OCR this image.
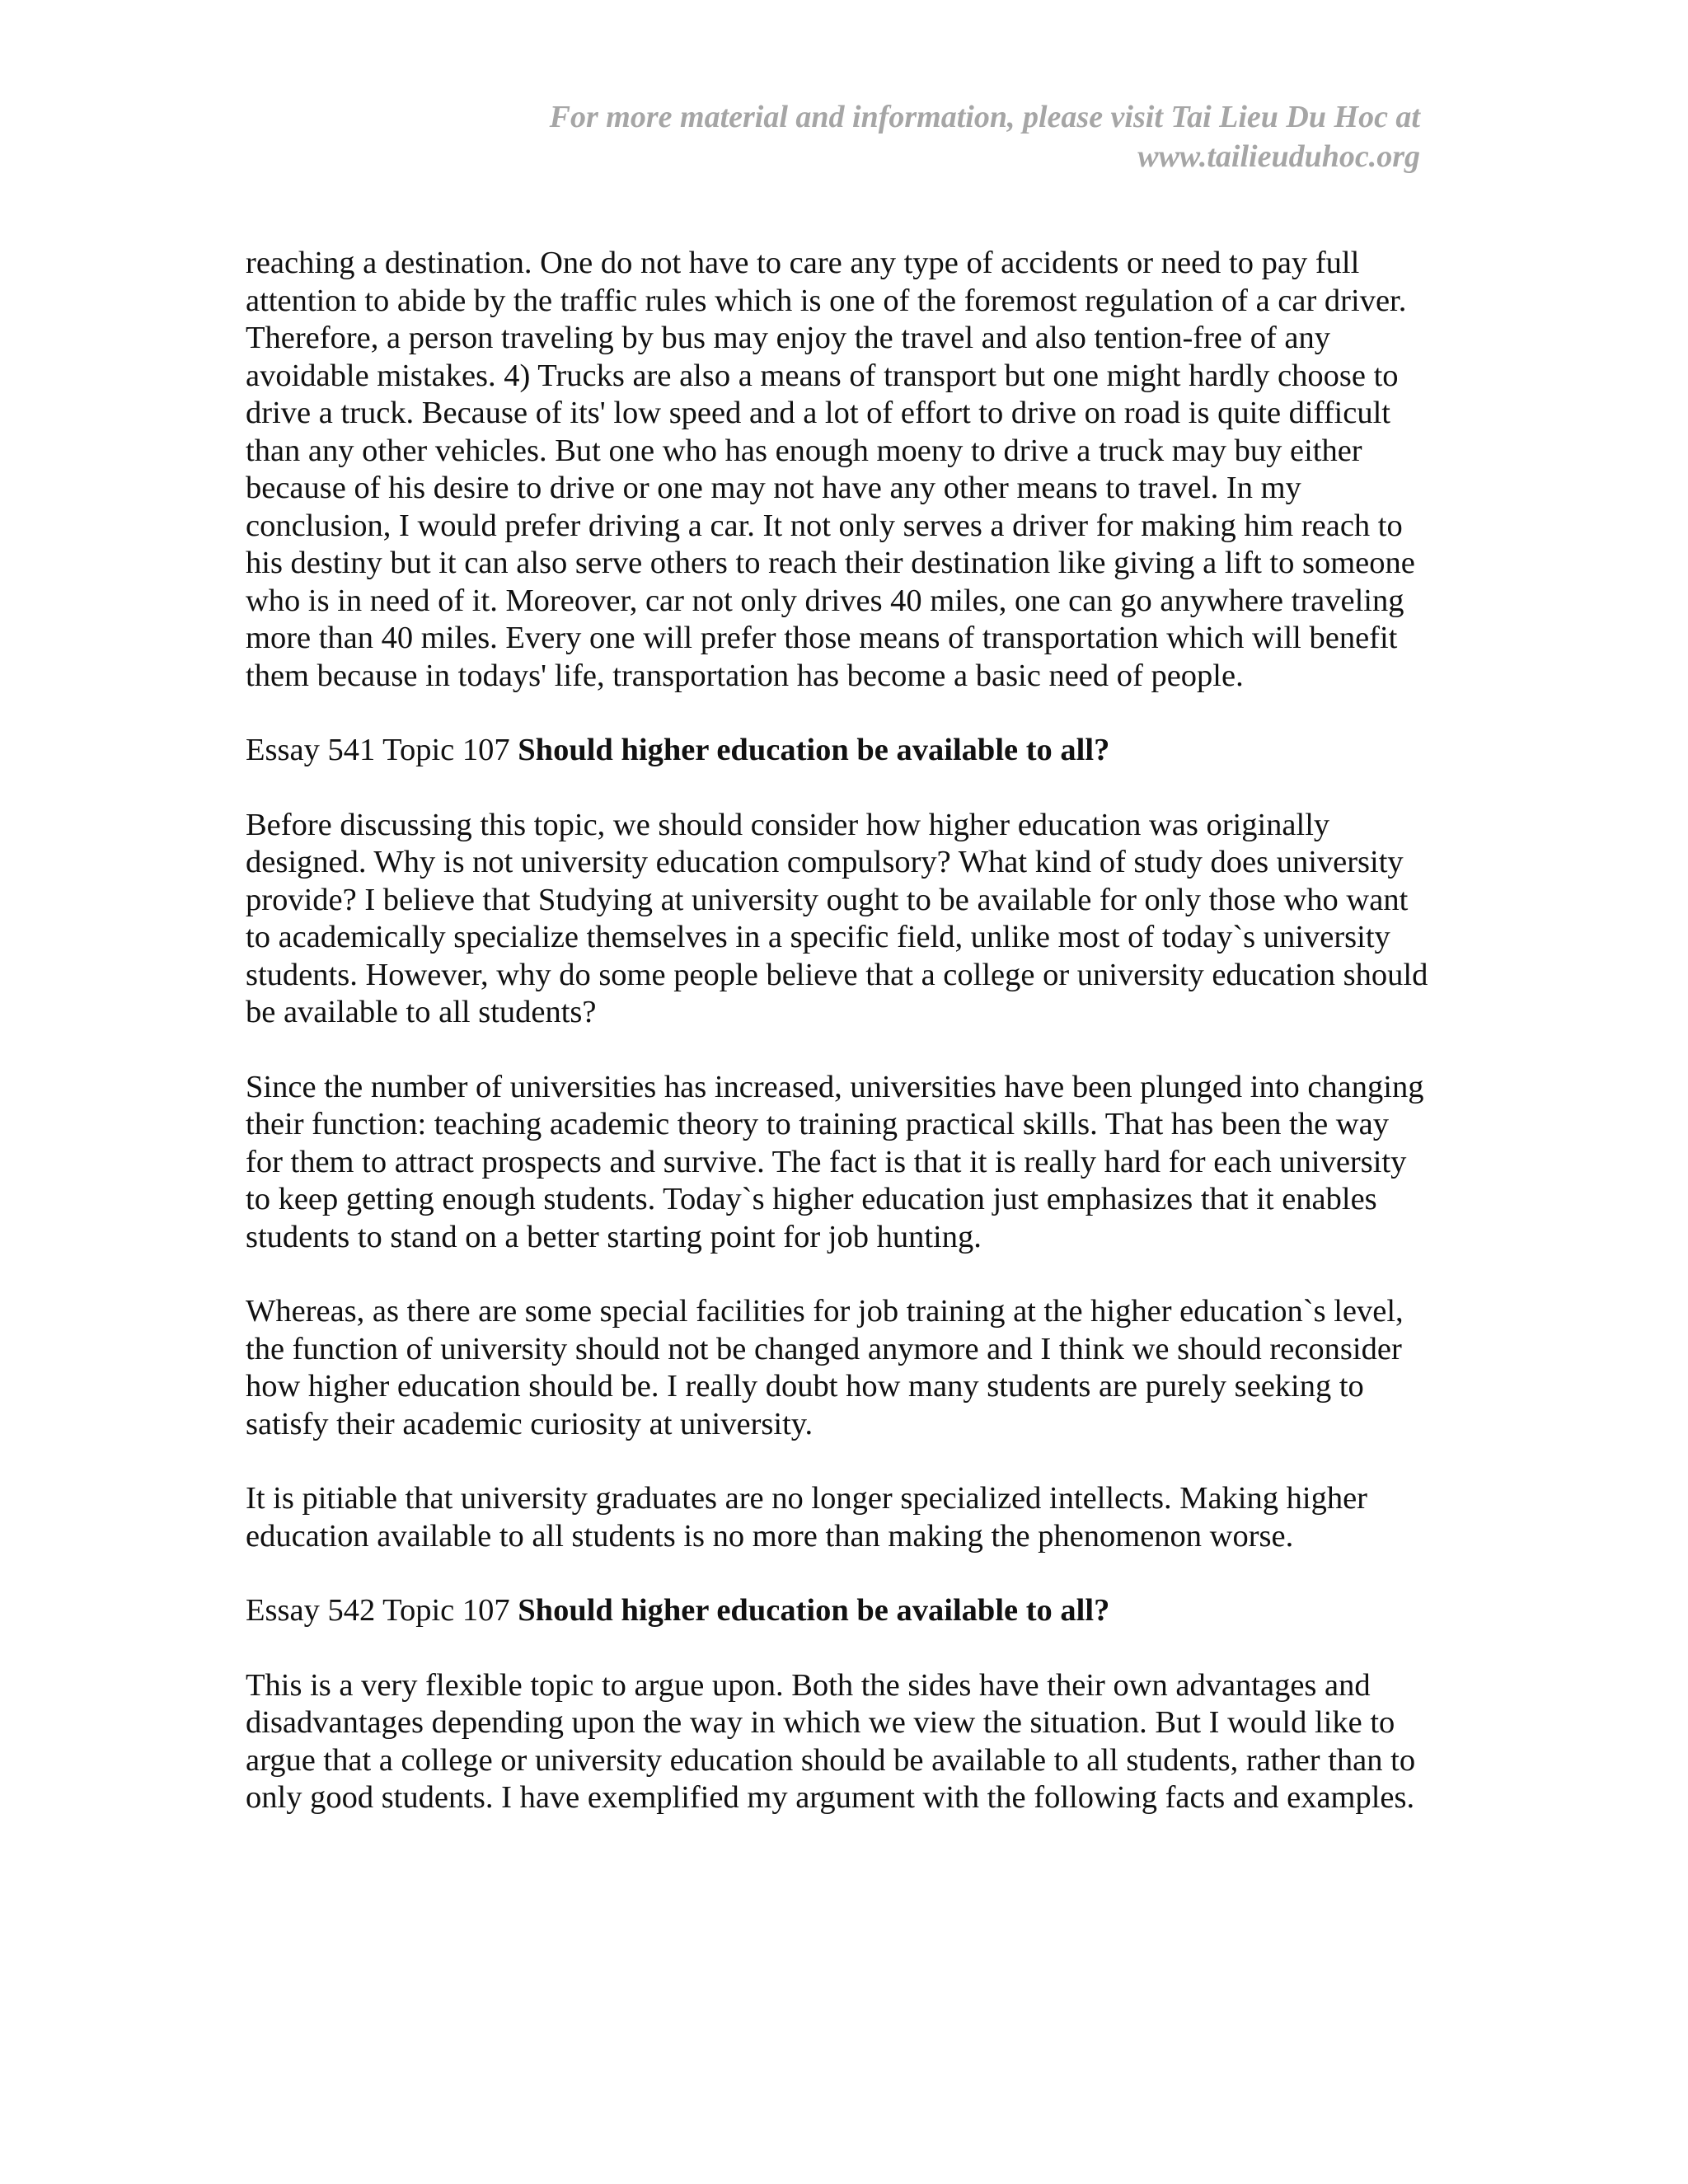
For more material and information, please visit Tai Lieu Du Hoc at
www.tailieuduhoc.org

reaching a destination. One do not have to care any type of accidents or need to pay full attention to abide by the traffic rules which is one of the foremost regulation of a car driver. Therefore, a person traveling by bus may enjoy the travel and also tention-free of any avoidable mistakes. 4) Trucks are also a means of transport but one might hardly choose to drive a truck. Because of its' low speed and a lot of effort to drive on road is quite difficult than any other vehicles. But one who has enough moeny to drive a truck may buy either because of his desire to drive or one may not have any other means to travel. In my conclusion, I would prefer driving a car. It not only serves a driver for making him reach to his destiny but it can also serve others to reach their destination like giving a lift to someone who is in need of it. Moreover, car not only drives 40 miles, one can go anywhere traveling more than 40 miles. Every one will prefer those means of transportation which will benefit them because in todays' life, transportation has become a basic need of people.

Essay 541 Topic 107 Should higher education be available to all?

Before discussing this topic, we should consider how higher education was originally designed. Why is not university education compulsory? What kind of study does university provide? I believe that Studying at university ought to be available for only those who want to academically specialize themselves in a specific field, unlike most of today`s university students. However, why do some people believe that a college or university education should be available to all students?

Since the number of universities has increased, universities have been plunged into changing their function: teaching academic theory to training practical skills. That has been the way for them to attract prospects and survive. The fact is that it is really hard for each university to keep getting enough students. Today`s higher education just emphasizes that it enables students to stand on a better starting point for job hunting.

Whereas, as there are some special facilities for job training at the higher education`s level, the function of university should not be changed anymore and I think we should reconsider how higher education should be. I really doubt how many students are purely seeking to satisfy their academic curiosity at university.

It is pitiable that university graduates are no longer specialized intellects. Making higher education available to all students is no more than making the phenomenon worse.

Essay 542 Topic 107 Should higher education be available to all?

This is a very flexible topic to argue upon. Both the sides have their own advantages and disadvantages depending upon the way in which we view the situation. But I would like to argue that a college or university education should be available to all students, rather than to only good students. I have exemplified my argument with the following facts and examples.
